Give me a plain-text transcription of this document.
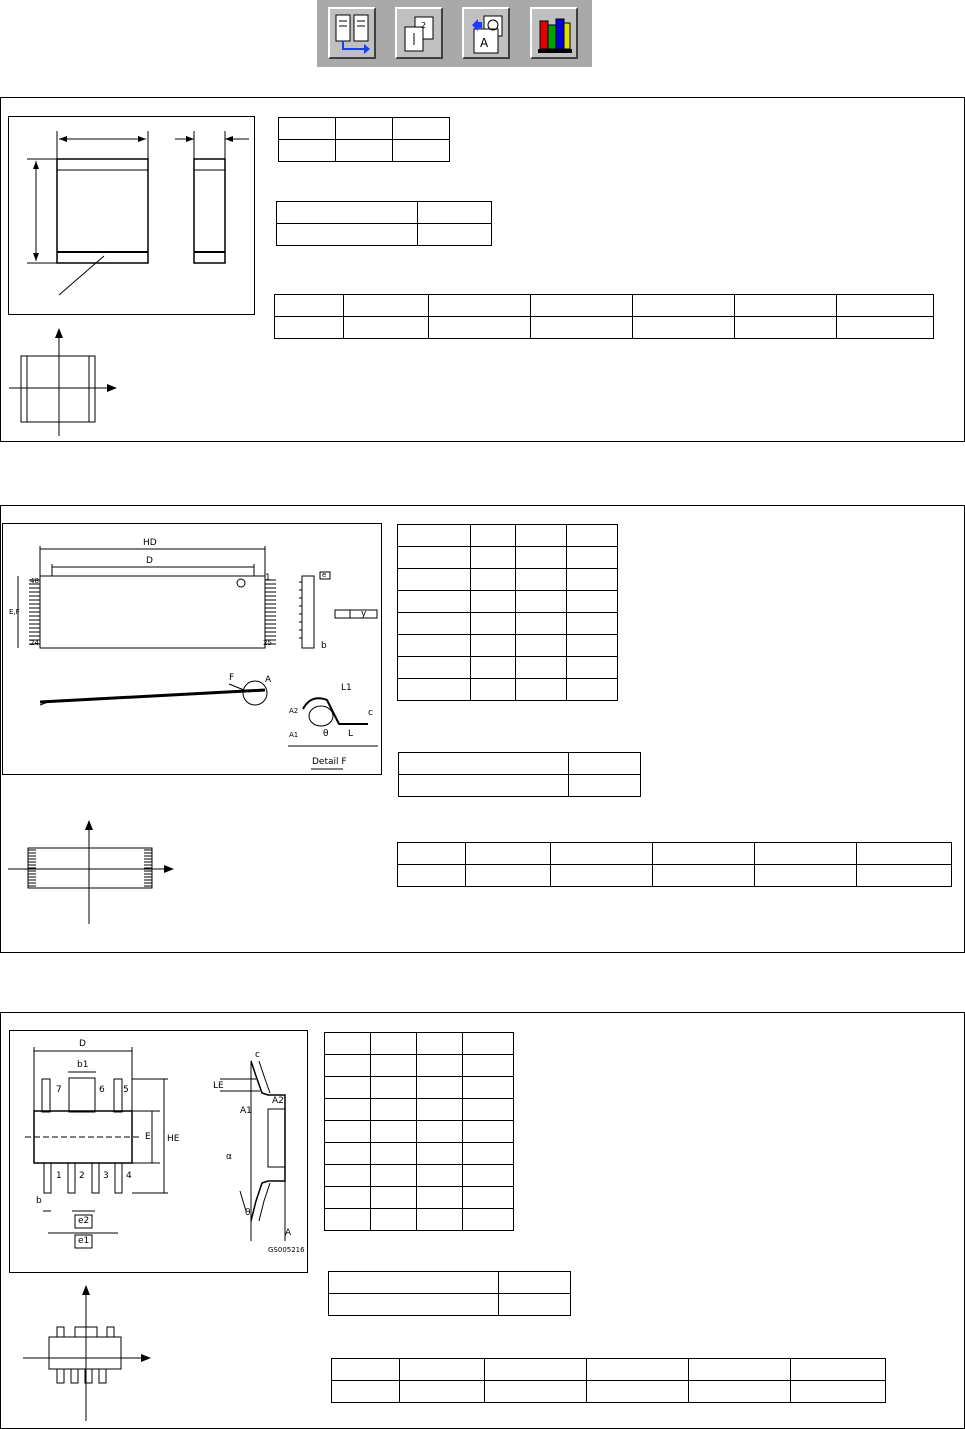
2
A

HD
D
48	1
24	25
E,F
F	A
L1
A2	c
θ L
A1
b
y
e
Detail F

D
b1
7	6 5
1 2 3 4
E HE
b
e2
e1
c
LE
A1
A2
α
θ
A
GS005216
